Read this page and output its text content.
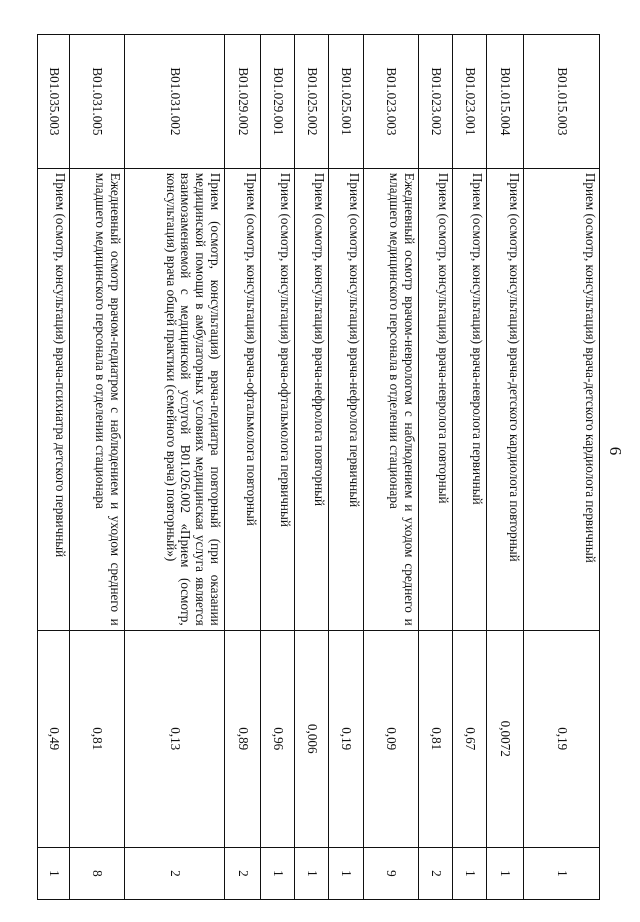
6
B01.015.003	Прием (осмотр, консультация) врача-детского кардиолога первичный	0,19	1
B01.015.004	Прием (осмотр, консультация) врача-детского кардиолога повторный	0,0072	1
B01.023.001	Прием (осмотр, консультация) врача-невролога первичный	0,67	1
B01.023.002	Прием (осмотр, консультация) врача-невролога повторный	0,81	2
B01.023.003	Ежедневный осмотр врачом-неврологом с наблюдением и уходом среднего и младшего медицинского персонала в отделении стационара	0,09	9
B01.025.001	Прием (осмотр, консультация) врача-нефролога первичный	0,19	1
B01.025.002	Прием (осмотр, консультация) врача-нефролога повторный	0,006	1
B01.029.001	Прием (осмотр, консультация) врача-офтальмолога первичный	0,96	1
B01.029.002	Прием (осмотр, консультация) врача-офтальмолога повторный	0,89	2
B01.031.002	Прием (осмотр, консультация) врача-педиатра повторный (при оказании медицинской помощи в амбулаторных условиях медицинская услуга является взаимозаменяемой с медицинской услугой B01.026.002 «Прием (осмотр, консультация) врача общей практики (семейного врача) повторный»)	0,13	2
B01.031.005	Ежедневный осмотр врачом-педиатром с наблюдением и уходом среднего и младшего медицинского персонала в отделении стационара	0,81	8
B01.035.003	Прием (осмотр, консультация) врача-психиатра детского первичный	0,49	1
